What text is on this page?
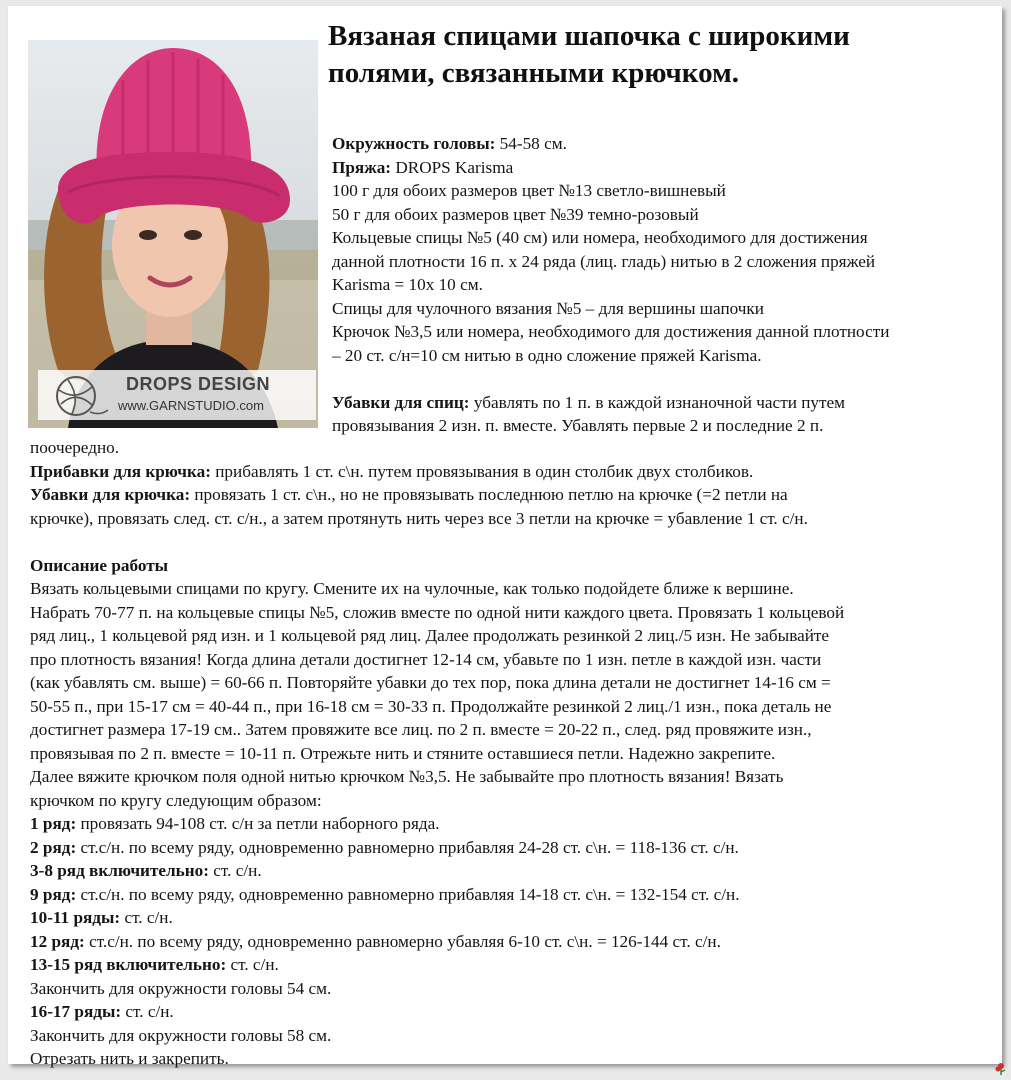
DROPS DESIGN
www.GARNSTUDIO.com
Вязаная спицами шапочка с широкими
полями, связанными крючком.
Окружность головы: 54-58 см.
Пряжа: DROPS Karisma
100 г для обоих размеров цвет №13 светло-вишневый
50 г для обоих размеров цвет №39 темно-розовый
Кольцевые спицы №5 (40 см) или номера, необходимого для достижения
данной плотности 16 п. х 24 ряда (лиц. гладь) нитью в 2 сложения пряжей
Karisma = 10х 10 см.
Спицы для чулочного вязания №5 – для вершины шапочки
Крючок №3,5 или номера, необходимого для достижения данной плотности
– 20 ст. с/н=10 см нитью в одно сложение пряжей Karisma.
Убавки для спиц: убавлять по 1 п. в каждой изнаночной части путем
провязывания 2 изн. п. вместе. Убавлять первые 2 и последние 2 п.
поочередно.
Прибавки для крючка: прибавлять 1 ст. с\н. путем провязывания в один столбик двух столбиков.
Убавки для крючка: провязать 1 ст. с\н., но не провязывать последнюю петлю на крючке (=2 петли на
крючке), провязать след. ст. с/н., а затем протянуть нить через все 3 петли на крючке = убавление 1 ст. с/н.
Описание работы
Вязать кольцевыми спицами по кругу. Смените их на чулочные, как только подойдете ближе к вершине.
Набрать 70-77 п. на кольцевые спицы №5, сложив вместе по одной нити каждого цвета. Провязать 1 кольцевой
ряд лиц., 1 кольцевой ряд изн. и 1 кольцевой ряд лиц. Далее продолжать резинкой 2 лиц./5 изн. Не забывайте
про плотность вязания! Когда длина детали достигнет 12-14 см, убавьте по 1 изн. петле в каждой изн. части
(как убавлять см. выше) = 60-66 п. Повторяйте убавки до тех пор, пока длина детали не достигнет 14-16 см =
50-55 п., при 15-17 см = 40-44 п., при 16-18 см = 30-33 п. Продолжайте резинкой 2 лиц./1 изн., пока деталь не
достигнет размера 17-19 см.. Затем провяжите все лиц. по 2 п. вместе = 20-22 п., след. ряд провяжите изн.,
провязывая по 2 п. вместе = 10-11 п. Отрежьте нить и стяните оставшиеся петли. Надежно закрепите.
Далее вяжите крючком поля одной нитью крючком №3,5. Не забывайте про плотность вязания! Вязать
крючком по кругу следующим образом:
1 ряд: провязать 94-108 ст. с/н за петли наборного ряда.
2 ряд: ст.с/н. по всему ряду, одновременно равномерно прибавляя 24-28 ст. с\н. = 118-136 ст. с/н.
3-8 ряд включительно: ст. с/н.
9 ряд: ст.с/н. по всему ряду, одновременно равномерно прибавляя 14-18 ст. с\н. = 132-154 ст. с/н.
10-11 ряды: ст. с/н.
12 ряд: ст.с/н. по всему ряду, одновременно равномерно убавляя 6-10 ст. с\н. = 126-144 ст. с/н.
13-15 ряд включительно: ст. с/н.
Закончить для окружности головы 54 см.
16-17 ряды: ст. с/н.
Закончить для окружности головы 58 см.
Отрезать нить и закрепить.
